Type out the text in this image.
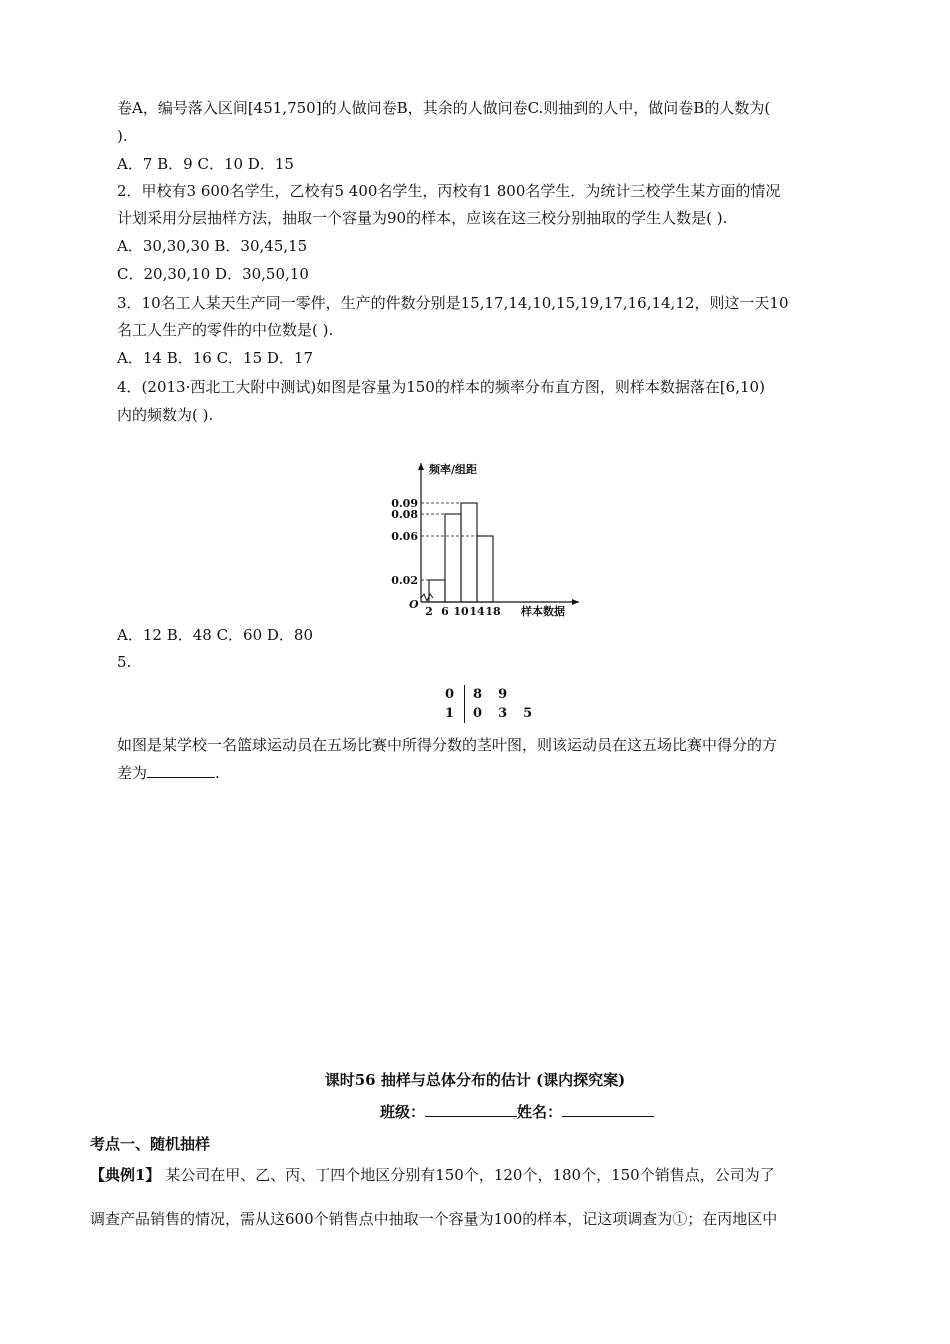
卷A，编号落入区间[451,750]的人做问卷B，其余的人做问卷C.则抽到的人中，做问卷B的人数为(
).
A．7 B．9 C．10 D．15
2．甲校有3 600名学生，乙校有5 400名学生，丙校有1 800名学生．为统计三校学生某方面的情况
计划采用分层抽样方法，抽取一个容量为90的样本，应该在这三校分别抽取的学生人数是( ).
A．30,30,30 B．30,45,15
C．20,30,10 D．30,50,10
3．10名工人某天生产同一零件，生产的件数分别是15,17,14,10,15,19,17,16,14,12，则这一天10
名工人生产的零件的中位数是( ).
A．14 B．16 C．15 D．17
4．(2013·西北工大附中测试)如图是容量为150的样本的频率分布直方图，则样本数据落在[6,10)
内的频数为( ).
O
频率/组距
样本数据
0.02
0.06
0.08
0.09
2 6 10 14 18
A．12 B．48 C．60 D．80
5.
0	8	9	
1	0	3	5
如图是某学校一名篮球运动员在五场比赛中所得分数的茎叶图，则该运动员在这五场比赛中得分的方
差为	.
课时56 抽样与总体分布的估计 (课内探究案)
班级：	姓名：
考点一、随机抽样
【典例1】 某公司在甲、乙、丙、丁四个地区分别有150个，120个，180个，150个销售点，公司为了
调查产品销售的情况，需从这600个销售点中抽取一个容量为100的样本，记这项调查为①；在丙地区中
